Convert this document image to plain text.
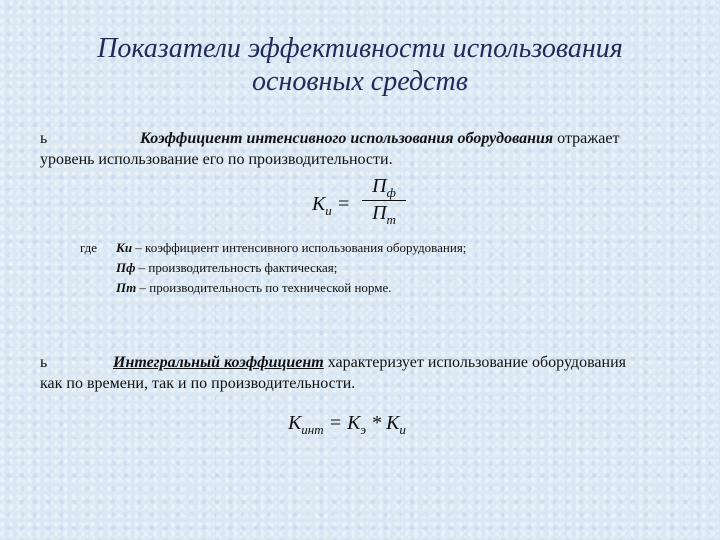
Показатели эффективности использования
основных средств
ь	Коэффициент интенсивного использования оборудования отражает
уровень использование его по производительности.
$К_и$ =
$П_ф$
$П_т$
где Ки – коэффициент интенсивного использования оборудования;
Пф – производительность фактическая;
Пт – производительность по технической норме.
ь	Интегральный коэффициент характеризует использование оборудования
как по времени, так и по производительности.
$К_{инт} = К_э * К_и$
